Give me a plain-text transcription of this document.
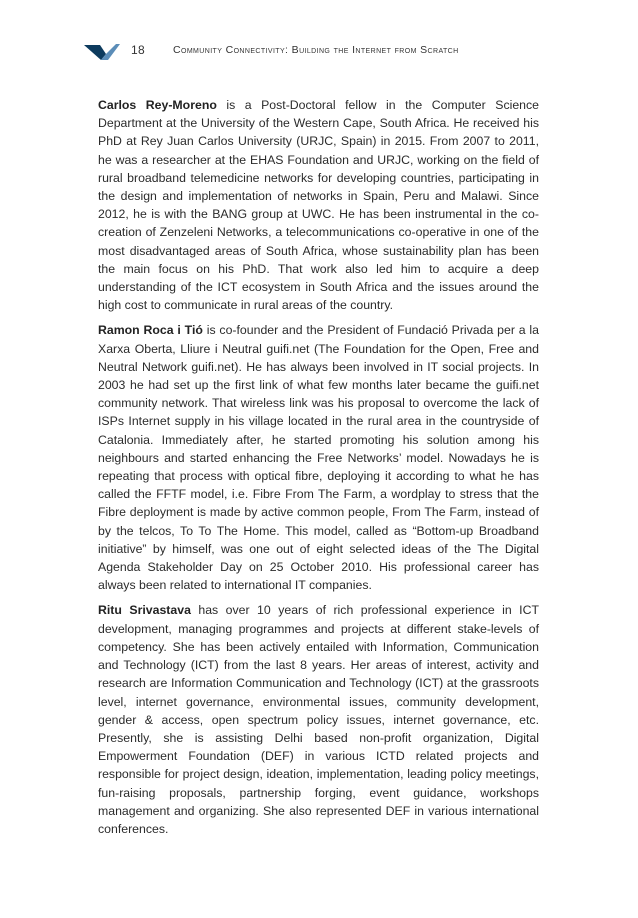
18	Community Connectivity: Building the Internet from Scratch

Carlos Rey-Moreno is a Post-Doctoral fellow in the Computer Science Department at the University of the Western Cape, South Africa. He received his PhD at Rey Juan Carlos University (URJC, Spain) in 2015. From 2007 to 2011, he was a researcher at the EHAS Foundation and URJC, working on the field of rural broadband telemedicine networks for developing countries, participating in the design and implementation of networks in Spain, Peru and Malawi. Since 2012, he is with the BANG group at UWC. He has been instrumental in the co-creation of Zenzeleni Networks, a telecommunications co-operative in one of the most disadvantaged areas of South Africa, whose sustainability plan has been the main focus on his PhD. That work also led him to acquire a deep understanding of the ICT ecosystem in South Africa and the issues around the high cost to communicate in rural areas of the country.

Ramon Roca i Tió is co-founder and the President of Fundació Privada per a la Xarxa Oberta, Lliure i Neutral guifi.net (The Foundation for the Open, Free and Neutral Network guifi.net). He has always been involved in IT social projects. In 2003 he had set up the first link of what few months later became the guifi.net community network. That wireless link was his proposal to overcome the lack of ISPs Internet supply in his village located in the rural area in the countryside of Catalonia. Immediately after, he started promoting his solution among his neighbours and started enhancing the Free Networks’ model. Nowadays he is repeating that process with optical fibre, deploying it according to what he has called the FFTF model, i.e. Fibre From The Farm, a wordplay to stress that the Fibre deployment is made by active common people, From The Farm, instead of by the telcos, To To The Home. This model, called as “Bottom-up Broadband initiative” by himself, was one out of eight selected ideas of the The Digital Agenda Stakeholder Day on 25 October 2010. His professional career has always been related to international IT companies.

Ritu Srivastava has over 10 years of rich professional experience in ICT development, managing programmes and projects at different stake-levels of competency. She has been actively entailed with Information, Communication and Technology (ICT) from the last 8 years. Her areas of interest, activity and research are Information Communication and Technology (ICT) at the grassroots level, internet governance, environmental issues, community development, gender & access, open spectrum policy issues, internet governance, etc. Presently, she is assisting Delhi based non-profit organization, Digital Empowerment Foundation (DEF) in various ICTD related projects and responsible for project design, ideation, implementation, leading policy meetings, fun-raising proposals, partnership forging, event guidance, workshops management and organizing. She also represented DEF in various international conferences.
